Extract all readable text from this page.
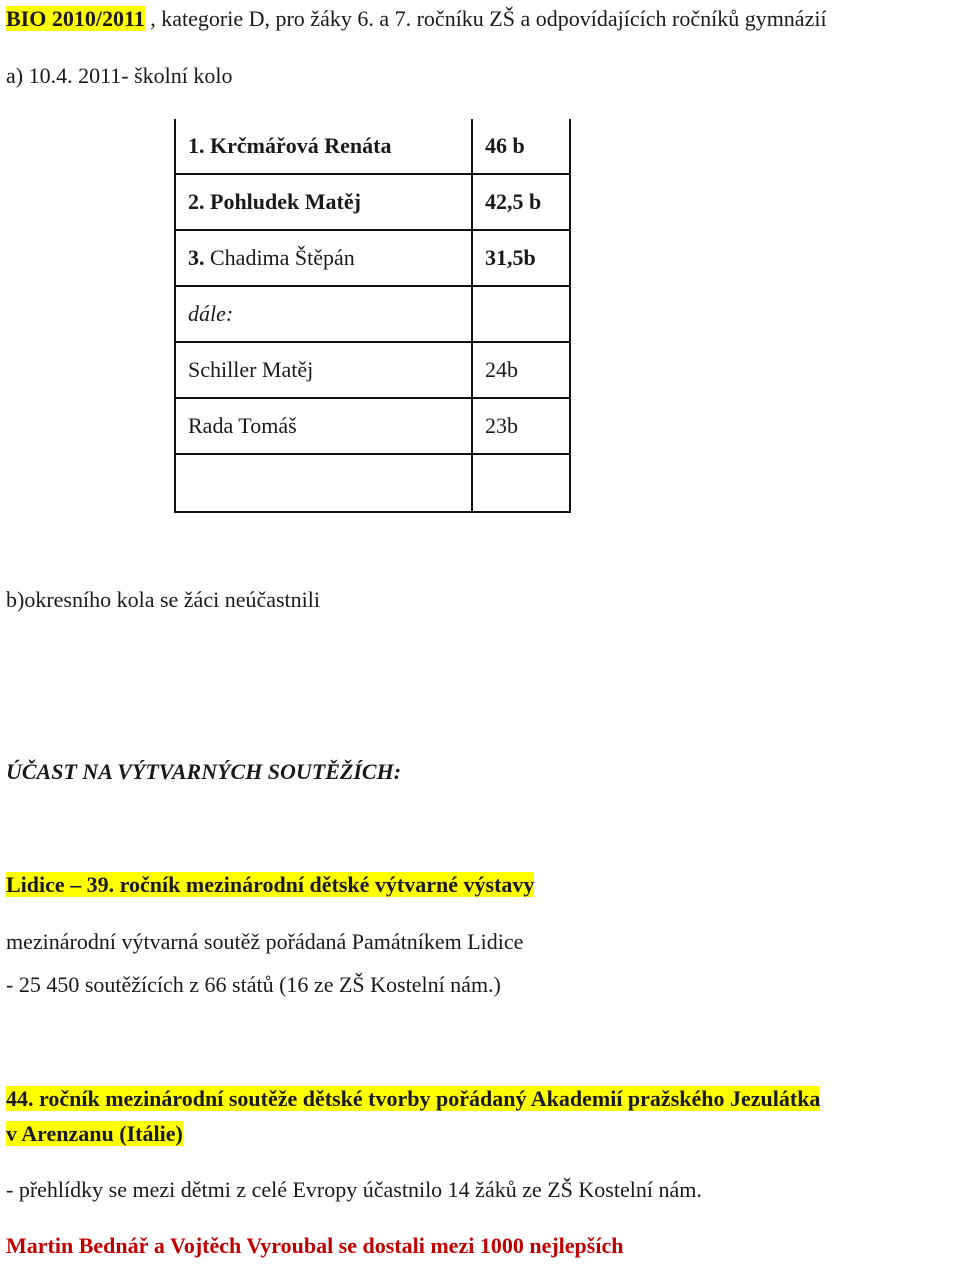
BIO 2010/2011 , kategorie D, pro žáky 6. a 7. ročníku ZŠ a odpovídajících ročníků gymnázií
a) 10.4. 2011- školní kolo
1. Krčmářová Renáta	46 b
2. Pohludek Matěj	42,5 b
3. Chadima Štěpán	31,5b
dále:	
Schiller Matěj	24b
Rada Tomáš	23b

b)okresního kola se žáci neúčastnili
ÚČAST NA VÝTVARNÝCH SOUTĚŽÍCH:
Lidice – 39. ročník mezinárodní dětské výtvarné výstavy
mezinárodní výtvarná soutěž pořádaná Památníkem Lidice
- 25 450 soutěžících z 66 států (16 ze ZŠ Kostelní nám.)
44. ročník mezinárodní soutěže dětské tvorby pořádaný Akademií pražského Jezulátka
v Arenzanu (Itálie)
- přehlídky se mezi dětmi z celé Evropy účastnilo 14 žáků ze ZŠ Kostelní nám.
Martin Bednář a Vojtěch Vyroubal se dostali mezi 1000 nejlepších
